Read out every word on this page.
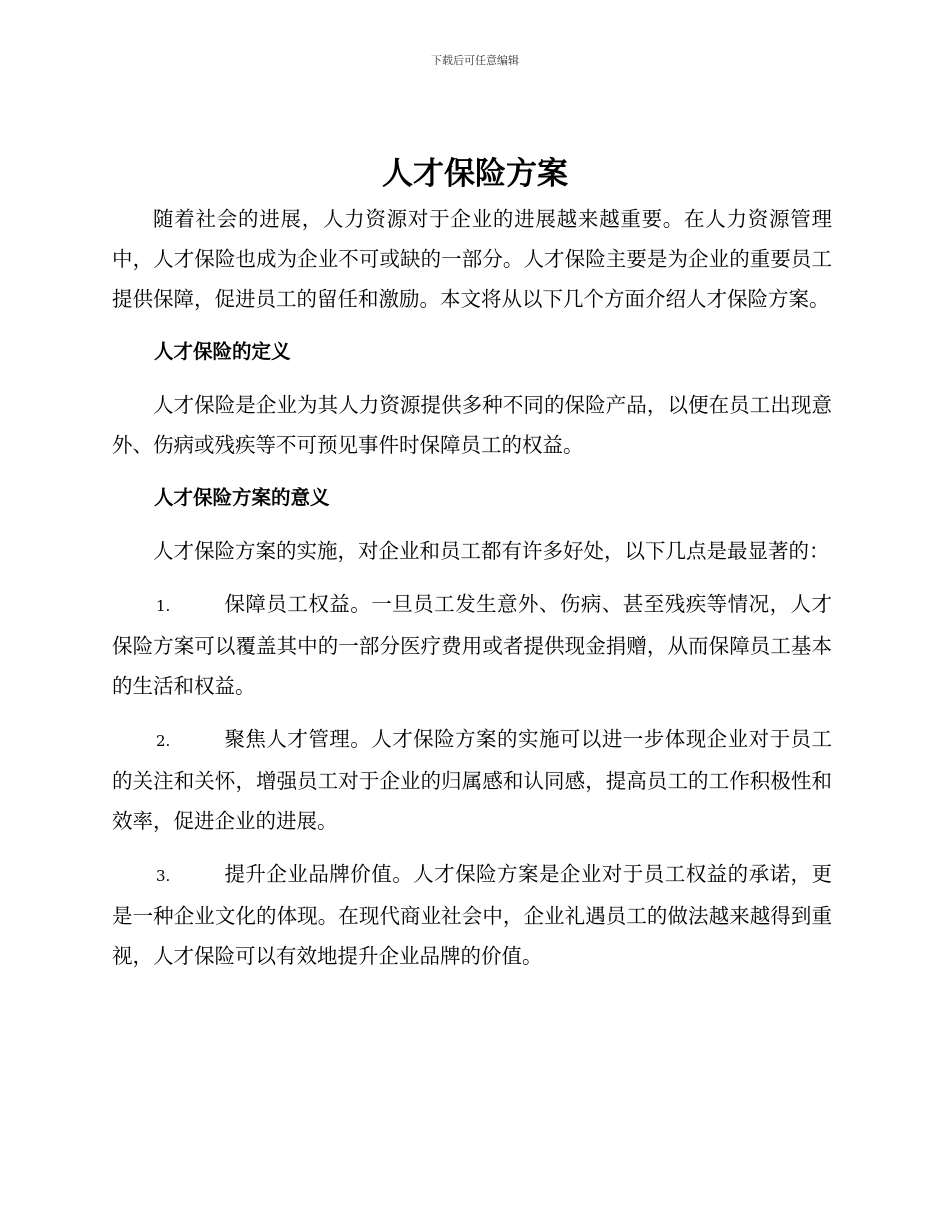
下载后可任意编辑
人才保险方案

随着社会的进展，人力资源对于企业的进展越来越重要。在人力资源管理中，人才保险也成为企业不可或缺的一部分。人才保险主要是为企业的重要员工提供保障，促进员工的留任和激励。本文将从以下几个方面介绍人才保险方案。

人才保险的定义

人才保险是企业为其人力资源提供多种不同的保险产品，以便在员工出现意外、伤病或残疾等不可预见事件时保障员工的权益。

人才保险方案的意义

人才保险方案的实施，对企业和员工都有许多好处，以下几点是最显著的：

1.	保障员工权益。一旦员工发生意外、伤病、甚至残疾等情况，人才保险方案可以覆盖其中的一部分医疗费用或者提供现金捐赠，从而保障员工基本的生活和权益。

2.	聚焦人才管理。人才保险方案的实施可以进一步体现企业对于员工的关注和关怀，增强员工对于企业的归属感和认同感，提高员工的工作积极性和效率，促进企业的进展。

3.	提升企业品牌价值。人才保险方案是企业对于员工权益的承诺，更是一种企业文化的体现。在现代商业社会中，企业礼遇员工的做法越来越得到重视，人才保险可以有效地提升企业品牌的价值。
